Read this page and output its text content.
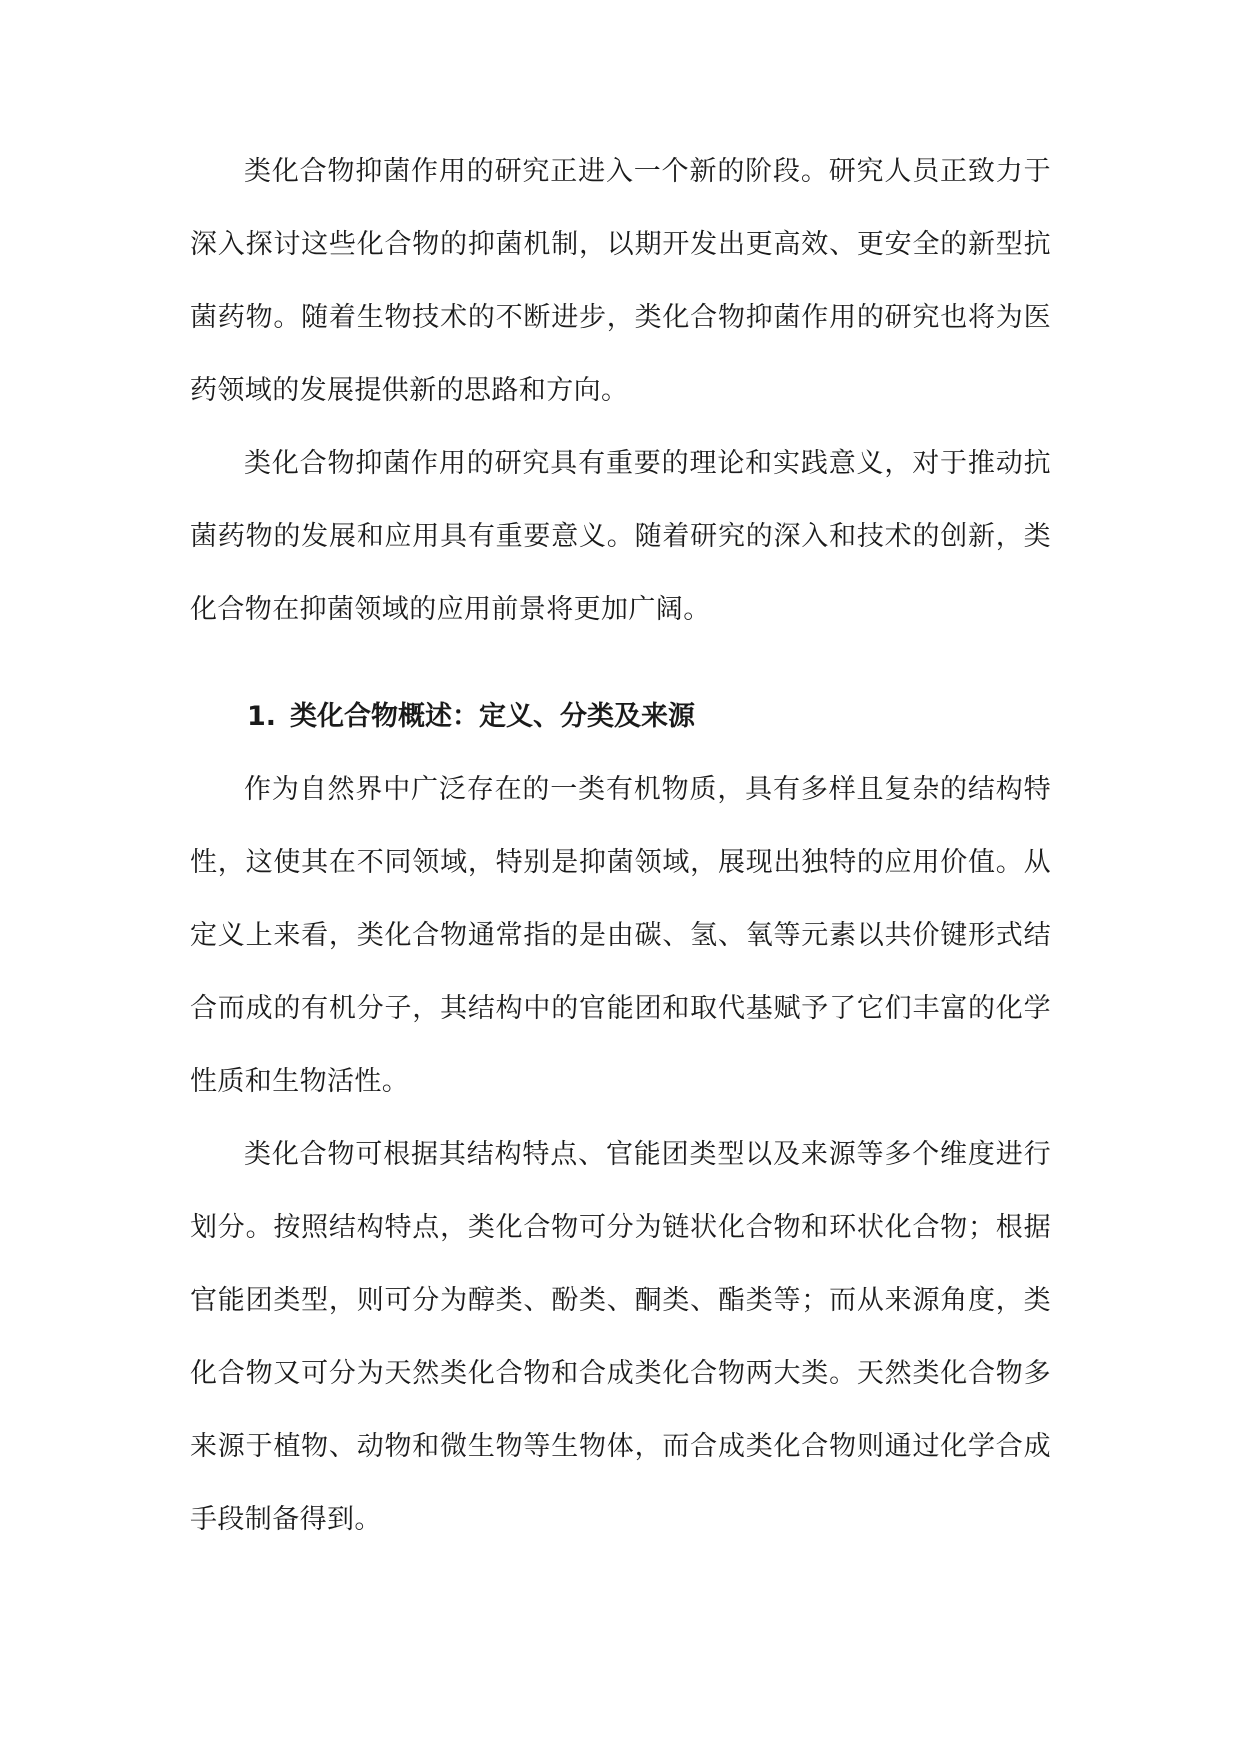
类化合物抑菌作用的研究正进入一个新的阶段。研究人员正致力于深入探讨这些化合物的抑菌机制，以期开发出更高效、更安全的新型抗菌药物。随着生物技术的不断进步，类化合物抑菌作用的研究也将为医药领域的发展提供新的思路和方向。

类化合物抑菌作用的研究具有重要的理论和实践意义，对于推动抗菌药物的发展和应用具有重要意义。随着研究的深入和技术的创新，类化合物在抑菌领域的应用前景将更加广阔。

1. 类化合物概述：定义、分类及来源

作为自然界中广泛存在的一类有机物质，具有多样且复杂的结构特性，这使其在不同领域，特别是抑菌领域，展现出独特的应用价值。从定义上来看，类化合物通常指的是由碳、氢、氧等元素以共价键形式结合而成的有机分子，其结构中的官能团和取代基赋予了它们丰富的化学性质和生物活性。

类化合物可根据其结构特点、官能团类型以及来源等多个维度进行划分。按照结构特点，类化合物可分为链状化合物和环状化合物；根据官能团类型，则可分为醇类、酚类、酮类、酯类等；而从来源角度，类化合物又可分为天然类化合物和合成类化合物两大类。天然类化合物多来源于植物、动物和微生物等生物体，而合成类化合物则通过化学合成手段制备得到。
